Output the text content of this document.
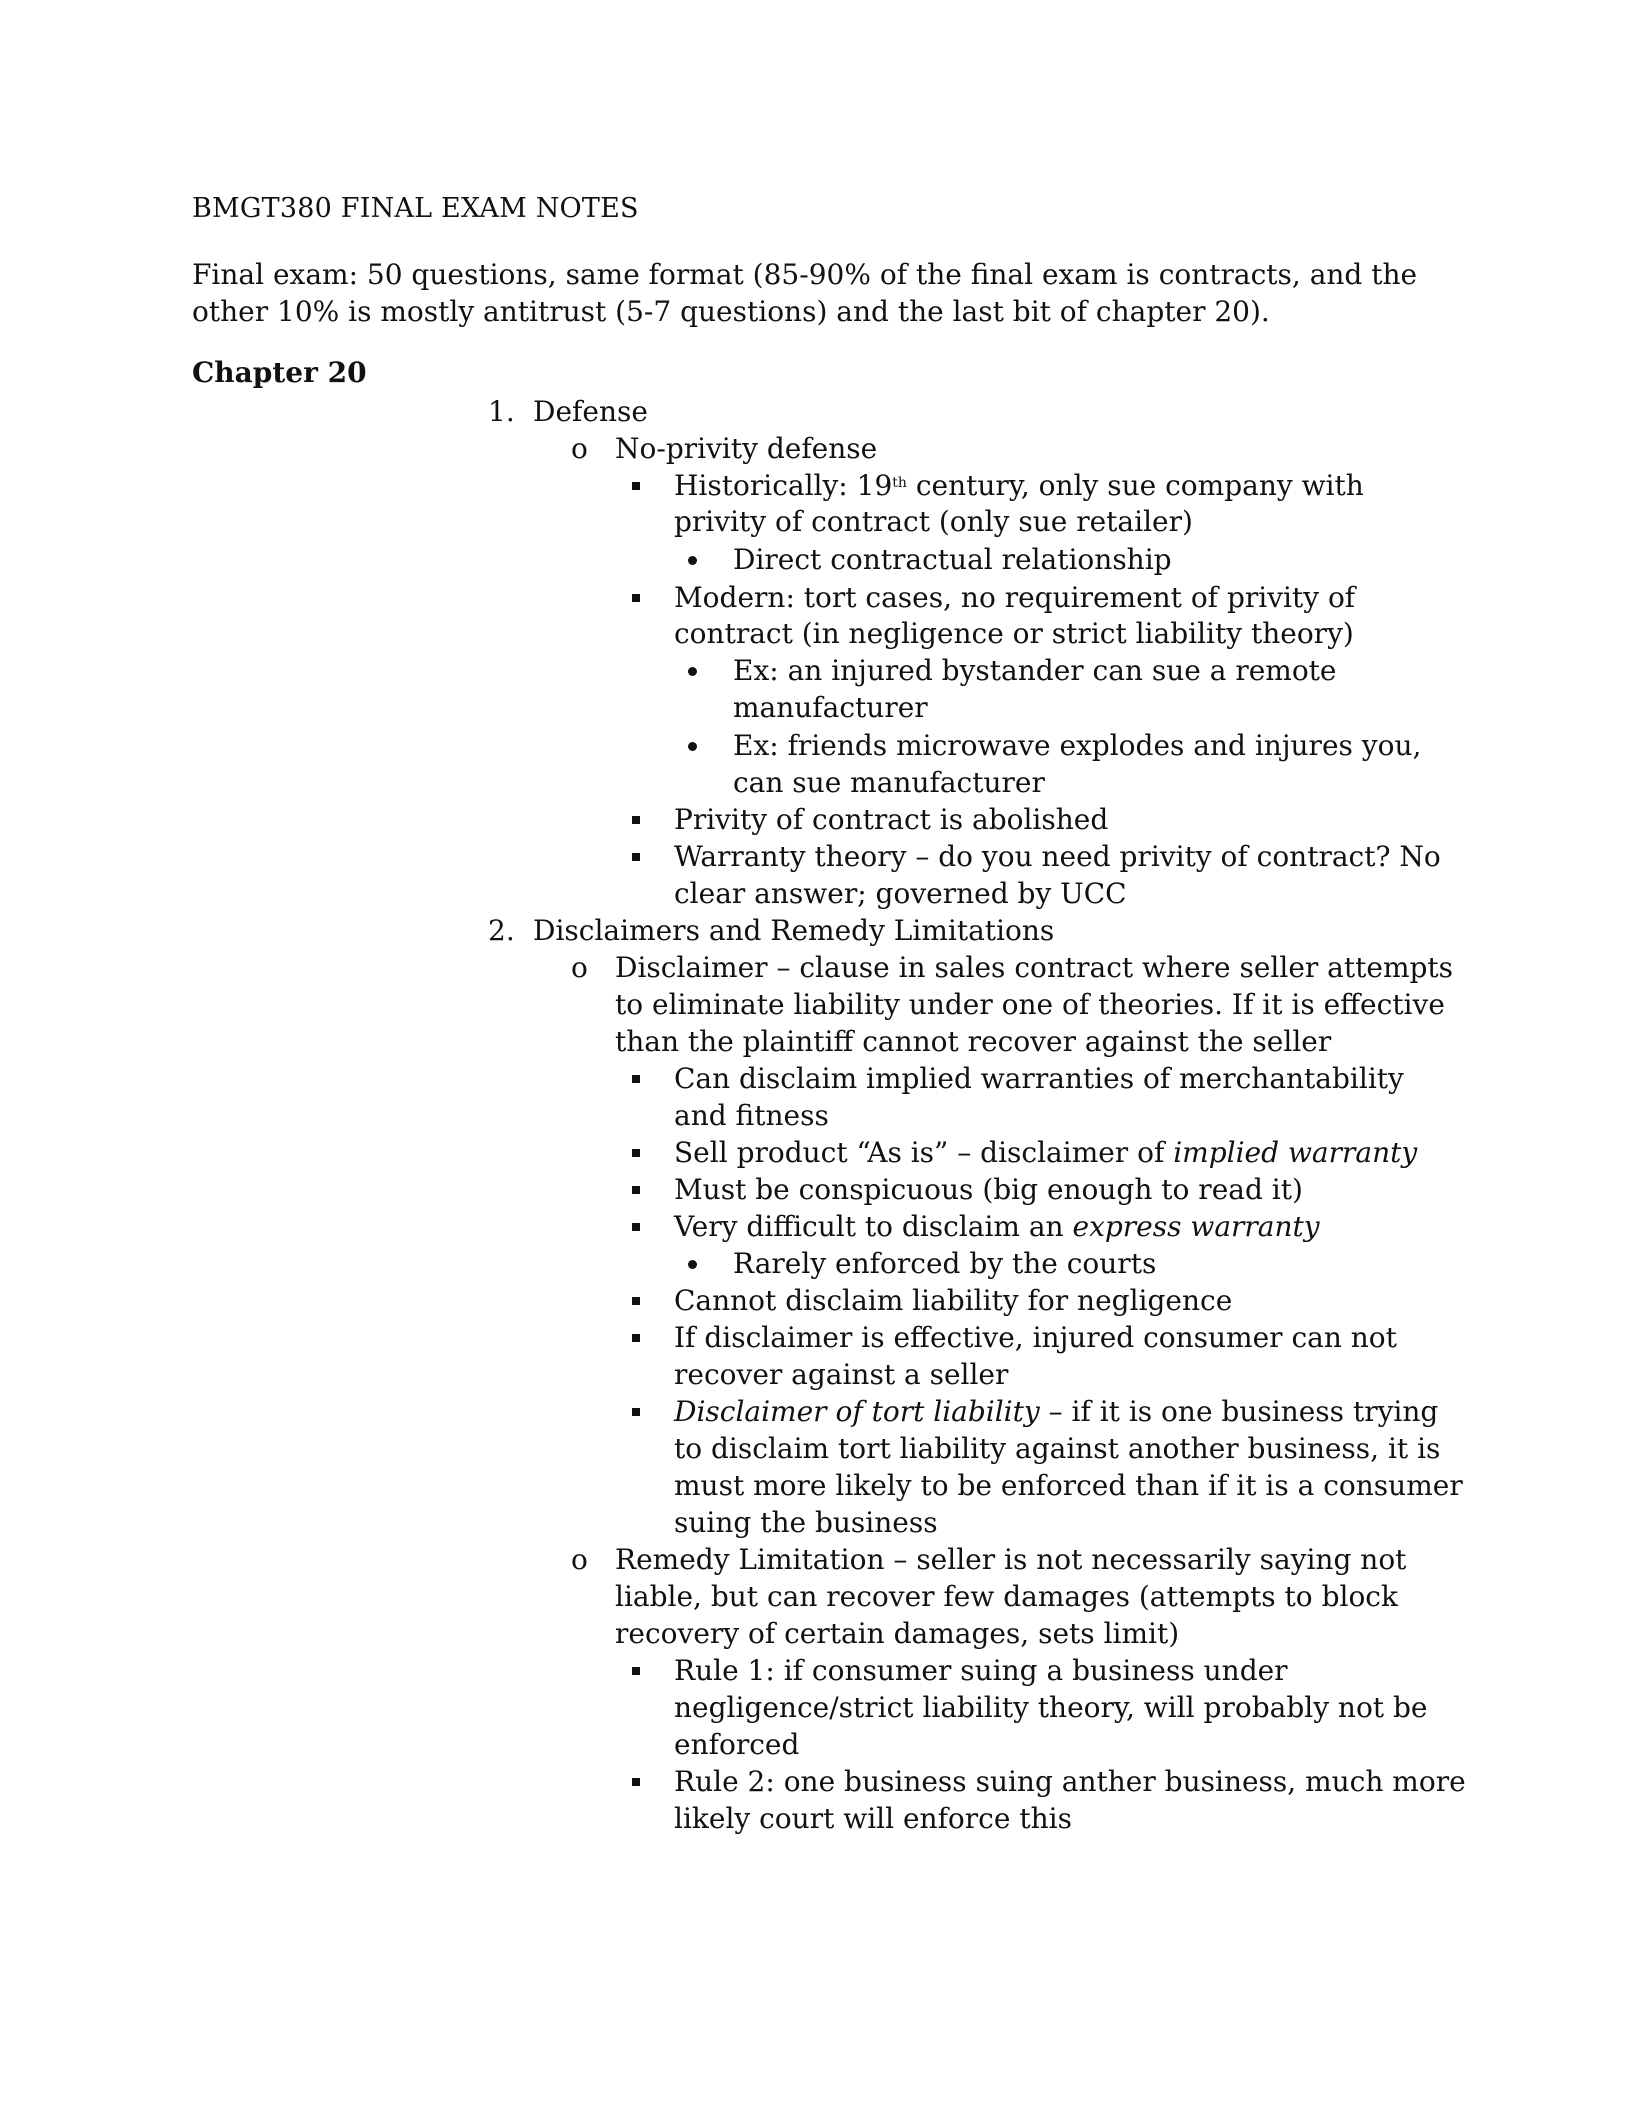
BMGT380 FINAL EXAM NOTES
Final exam: 50 questions, same format (85-90% of the final exam is contracts, and the
other 10% is mostly antitrust (5-7 questions) and the last bit of chapter 20).
Chapter 20
1. Defense
o No-privity defense
Historically: 19th century, only sue company with
privity of contract (only sue retailer)
Direct contractual relationship
Modern: tort cases, no requirement of privity of
contract (in negligence or strict liability theory)
Ex: an injured bystander can sue a remote
manufacturer
Ex: friends microwave explodes and injures you,
can sue manufacturer
Privity of contract is abolished
Warranty theory – do you need privity of contract? No
clear answer; governed by UCC
2. Disclaimers and Remedy Limitations
o Disclaimer – clause in sales contract where seller attempts
to eliminate liability under one of theories. If it is effective
than the plaintiff cannot recover against the seller
Can disclaim implied warranties of merchantability
and fitness
Sell product “As is” – disclaimer of implied warranty
Must be conspicuous (big enough to read it)
Very difficult to disclaim an express warranty
Rarely enforced by the courts
Cannot disclaim liability for negligence
If disclaimer is effective, injured consumer can not
recover against a seller
Disclaimer of tort liability – if it is one business trying
to disclaim tort liability against another business, it is
must more likely to be enforced than if it is a consumer
suing the business
o Remedy Limitation – seller is not necessarily saying not
liable, but can recover few damages (attempts to block
recovery of certain damages, sets limit)
Rule 1: if consumer suing a business under
negligence/strict liability theory, will probably not be
enforced
Rule 2: one business suing anther business, much more
likely court will enforce this
